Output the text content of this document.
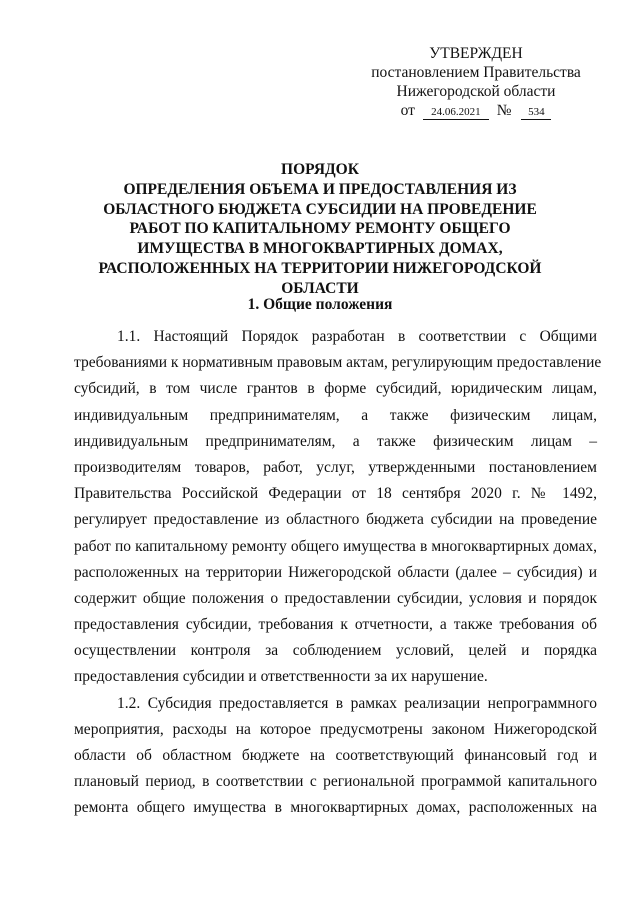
УТВЕРЖДЕН
постановлением Правительства
Нижегородской области
от 24.06.2021 № 534
ПОРЯДОК
ОПРЕДЕЛЕНИЯ ОБЪЕМА И ПРЕДОСТАВЛЕНИЯ ИЗ
ОБЛАСТНОГО БЮДЖЕТА СУБСИДИИ НА ПРОВЕДЕНИЕ
РАБОТ ПО КАПИТАЛЬНОМУ РЕМОНТУ ОБЩЕГО
ИМУЩЕСТВА В МНОГОКВАРТИРНЫХ ДОМАХ,
РАСПОЛОЖЕННЫХ НА ТЕРРИТОРИИ НИЖЕГОРОДСКОЙ
ОБЛАСТИ
1. Общие положения
1.1. Настоящий Порядок разработан в соответствии с Общими
требованиями к нормативным правовым актам, регулирующим предоставление
субсидий, в том числе грантов в форме субсидий, юридическим лицам,
индивидуальным предпринимателям, а также физическим лицам,
индивидуальным предпринимателям, а также физическим лицам –
производителям товаров, работ, услуг, утвержденными постановлением
Правительства Российской Федерации от 18 сентября 2020 г. № 1492,
регулирует предоставление из областного бюджета субсидии на проведение
работ по капитальному ремонту общего имущества в многоквартирных домах,
расположенных на территории Нижегородской области (далее – субсидия) и
содержит общие положения о предоставлении субсидии, условия и порядок
предоставления субсидии, требования к отчетности, а также требования об
осуществлении контроля за соблюдением условий, целей и порядка
предоставления субсидии и ответственности за их нарушение.
1.2. Субсидия предоставляется в рамках реализации непрограммного
мероприятия, расходы на которое предусмотрены законом Нижегородской
области об областном бюджете на соответствующий финансовый год и
плановый период, в соответствии с региональной программой капитального
ремонта общего имущества в многоквартирных домах, расположенных на
